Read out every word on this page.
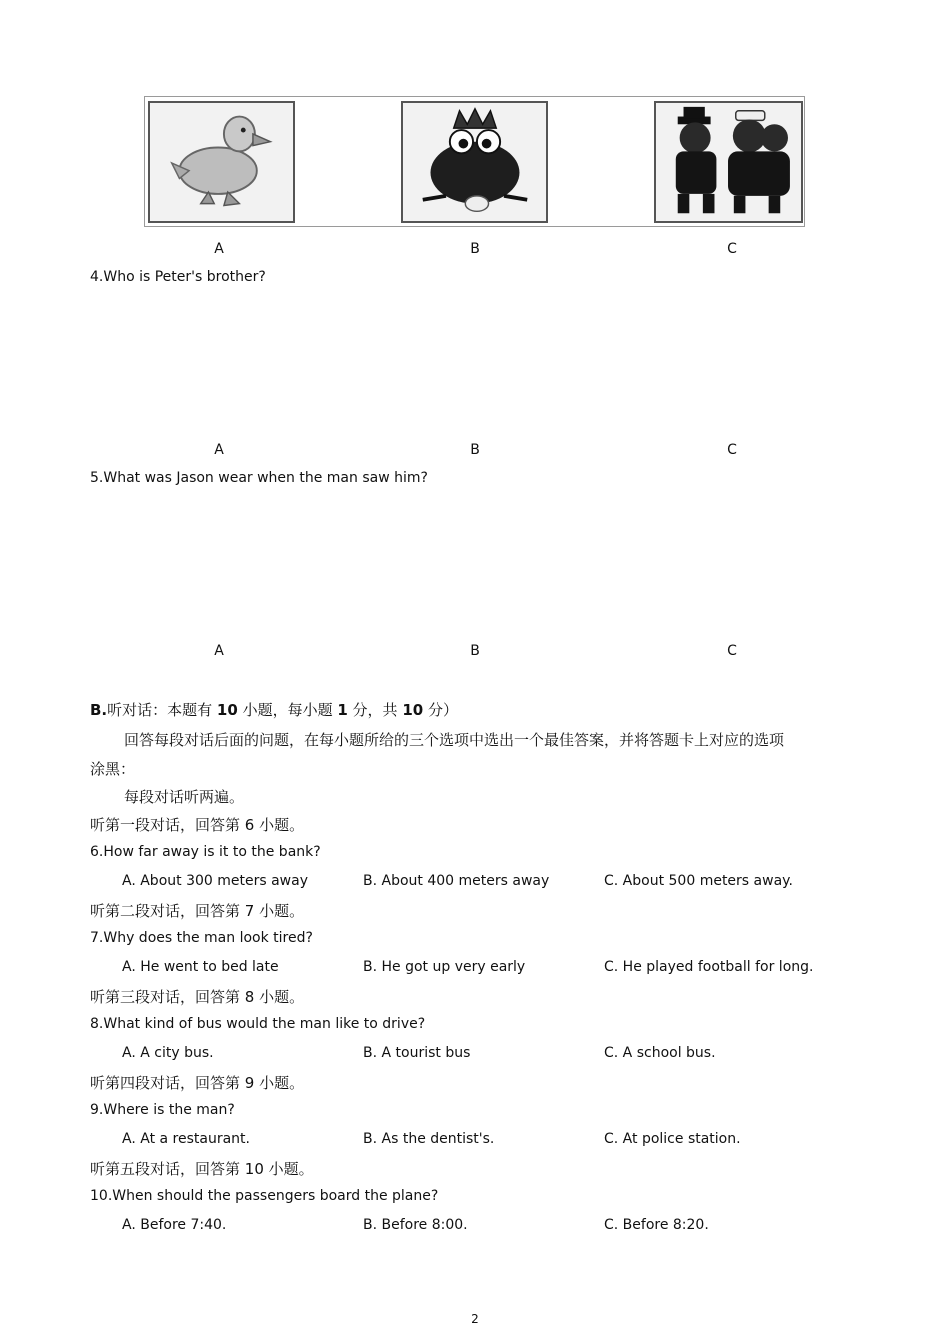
A	B	C
4.Who is Peter's brother?
A	B	C
5.What was Jason wear when the man saw him?
A	B	C
B.听对话：本题有 10 小题，每小题 1 分，共 10 分）
回答每段对话后面的问题，在每小题所给的三个选项中选出一个最佳答案，并将答题卡上对应的选项
涂黑：
每段对话听两遍。
听第一段对话，回答第 6 小题。
6.How far away is it to the bank?
A. About 300 meters away	B. About 400 meters away	C. About 500 meters away.
听第二段对话，回答第 7 小题。
7.Why does the man look tired?
A. He went to bed late	B. He got up very early	C. He played football for long.
听第三段对话，回答第 8 小题。
8.What kind of bus would the man like to drive?
A. A city bus.	B. A tourist bus	C. A school bus.
听第四段对话，回答第 9 小题。
9.Where is the man?
A. At a restaurant.	B. As the dentist's.	C. At police station.
听第五段对话，回答第 10 小题。
10.When should the passengers board the plane?
A. Before 7:40.	B. Before 8:00.	C. Before 8:20.
2
